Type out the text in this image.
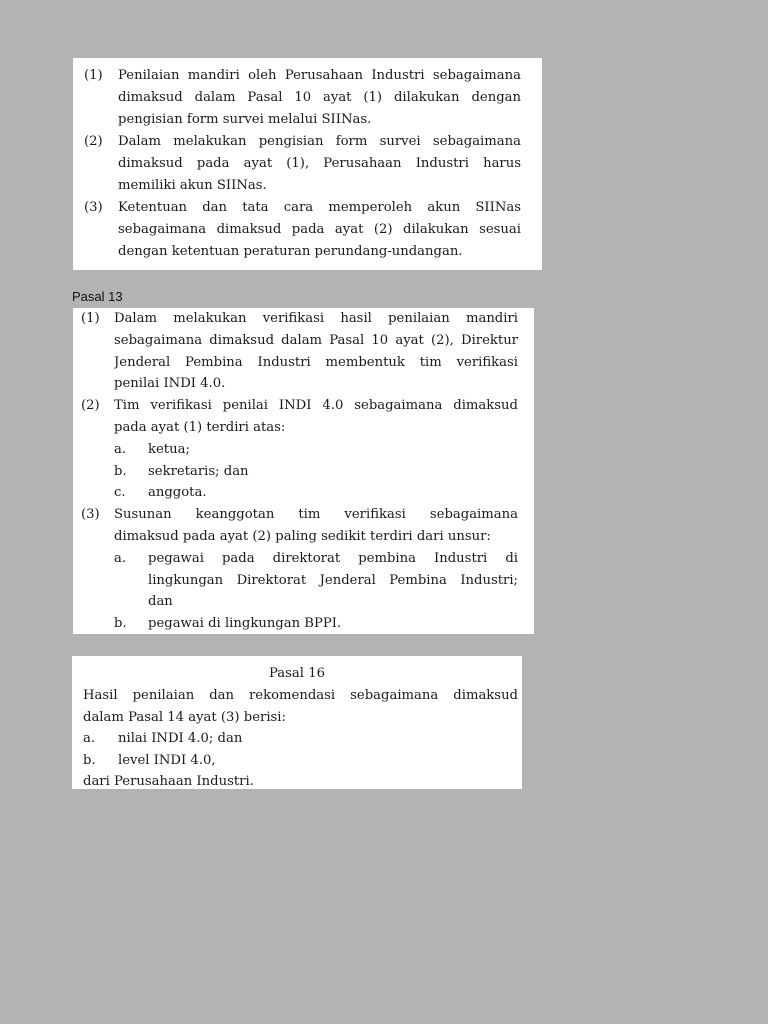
(1) Penilaian mandiri oleh Perusahaan Industri sebagaimana
dimaksud dalam Pasal 10 ayat (1) dilakukan dengan
pengisian form survei melalui SIINas.
(2) Dalam melakukan pengisian form survei sebagaimana
dimaksud pada ayat (1), Perusahaan Industri harus
memiliki akun SIINas.
(3) Ketentuan dan tata cara memperoleh akun SIINas
sebagaimana dimaksud pada ayat (2) dilakukan sesuai
dengan ketentuan peraturan perundang-undangan.
Pasal 13
(1) Dalam melakukan verifikasi hasil penilaian mandiri
sebagaimana dimaksud dalam Pasal 10 ayat (2), Direktur
Jenderal Pembina Industri membentuk tim verifikasi
penilai INDI 4.0.
(2) Tim verifikasi penilai INDI 4.0 sebagaimana dimaksud
pada ayat (1) terdiri atas:
a. ketua;
b. sekretaris; dan
c. anggota.
(3) Susunan keanggotan tim verifikasi sebagaimana
dimaksud pada ayat (2) paling sedikit terdiri dari unsur:
a. pegawai pada direktorat pembina Industri di
lingkungan Direktorat Jenderal Pembina Industri;
dan
b. pegawai di lingkungan BPPI.
Pasal 16
Hasil penilaian dan rekomendasi sebagaimana dimaksud
dalam Pasal 14 ayat (3) berisi:
a. nilai INDI 4.0; dan
b. level INDI 4.0,
dari Perusahaan Industri.
